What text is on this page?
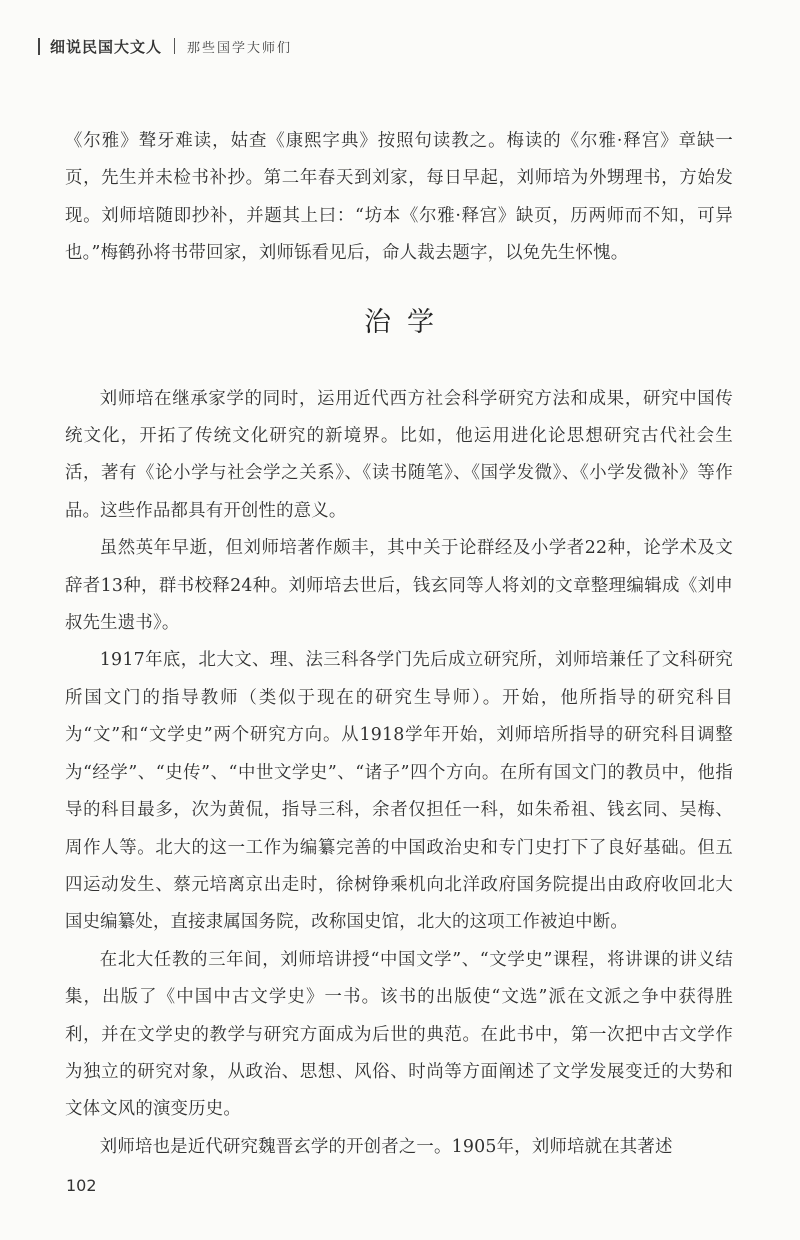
细说民国大文人 那些国学大师们

《尔雅》聱牙难读，姑查《康熙字典》按照句读教之。梅读的《尔雅·释宫》章缺一页，先生并未检书补抄。第二年春天到刘家，每日早起，刘师培为外甥理书，方始发现。刘师培随即抄补，并题其上曰：“坊本《尔雅·释宫》缺页，历两师而不知，可异也。”梅鹤孙将书带回家，刘师铄看见后，命人裁去题字，以免先生怀愧。

治学

刘师培在继承家学的同时，运用近代西方社会科学研究方法和成果，研究中国传统文化，开拓了传统文化研究的新境界。比如，他运用进化论思想研究古代社会生活，著有《论小学与社会学之关系》、《读书随笔》、《国学发微》、《小学发微补》等作品。这些作品都具有开创性的意义。

虽然英年早逝，但刘师培著作颇丰，其中关于论群经及小学者22种，论学术及文辞者13种，群书校释24种。刘师培去世后，钱玄同等人将刘的文章整理编辑成《刘申叔先生遗书》。

1917年底，北大文、理、法三科各学门先后成立研究所，刘师培兼任了文科研究所国文门的指导教师（类似于现在的研究生导师）。开始，他所指导的研究科目为“文”和“文学史”两个研究方向。从1918学年开始，刘师培所指导的研究科目调整为“经学”、“史传”、“中世文学史”、“诸子”四个方向。在所有国文门的教员中，他指导的科目最多，次为黄侃，指导三科，余者仅担任一科，如朱希祖、钱玄同、吴梅、周作人等。北大的这一工作为编纂完善的中国政治史和专门史打下了良好基础。但五四运动发生、蔡元培离京出走时，徐树铮乘机向北洋政府国务院提出由政府收回北大国史编纂处，直接隶属国务院，改称国史馆，北大的这项工作被迫中断。

在北大任教的三年间，刘师培讲授“中国文学”、“文学史”课程，将讲课的讲义结集，出版了《中国中古文学史》一书。该书的出版使“文选”派在文派之争中获得胜利，并在文学史的教学与研究方面成为后世的典范。在此书中，第一次把中古文学作为独立的研究对象，从政治、思想、风俗、时尚等方面阐述了文学发展变迁的大势和文体文风的演变历史。

刘师培也是近代研究魏晋玄学的开创者之一。1905年，刘师培就在其著述

102
